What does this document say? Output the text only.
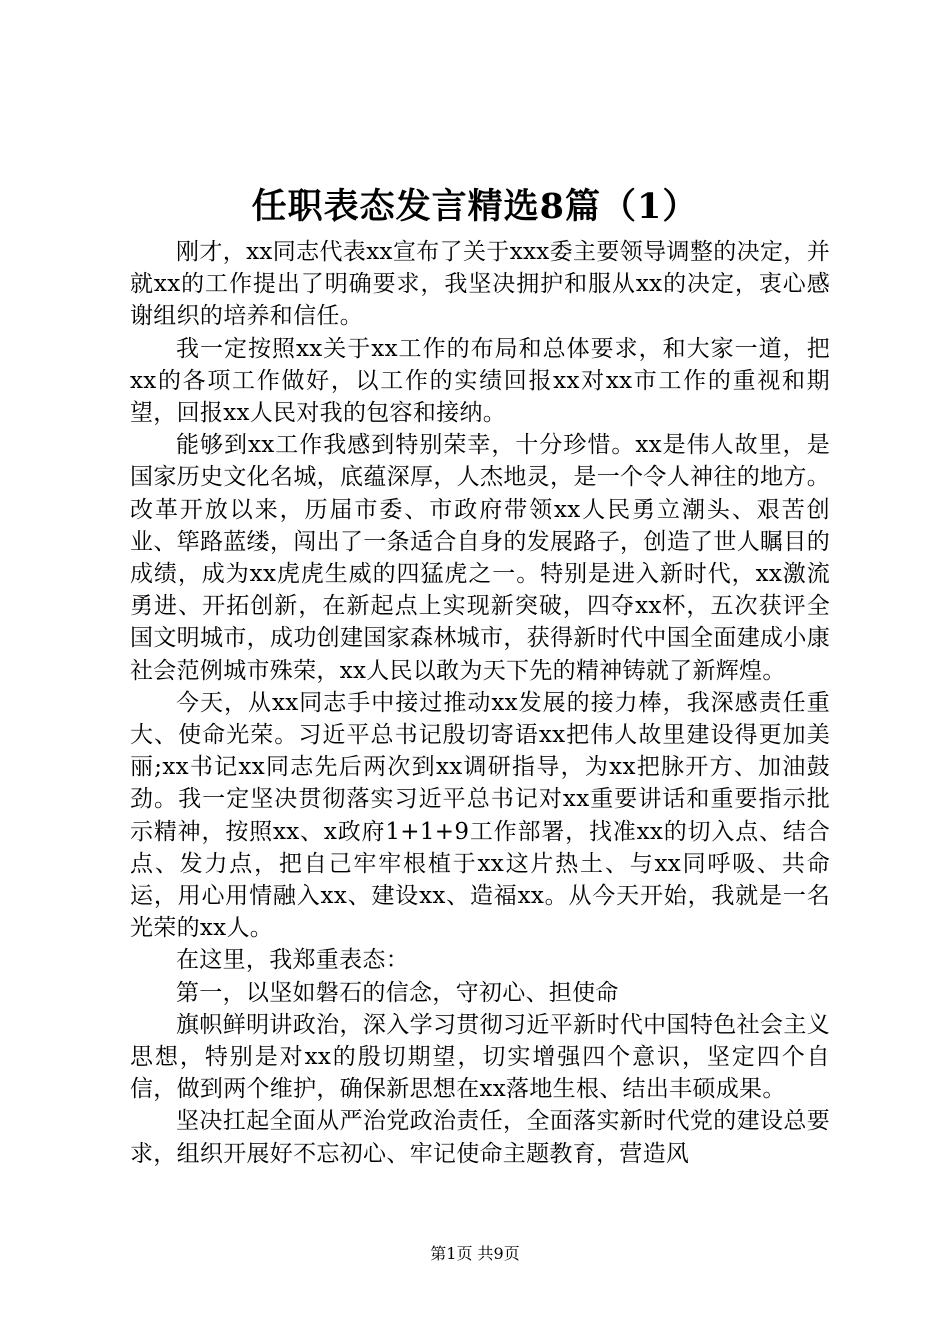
任职表态发言精选8篇（1）

刚才，xx同志代表xx宣布了关于xxx委主要领导调整的决定，并就xx的工作提出了明确要求，我坚决拥护和服从xx的决定，衷心感谢组织的培养和信任。

我一定按照xx关于xx工作的布局和总体要求，和大家一道，把xx的各项工作做好，以工作的实绩回报xx对xx市工作的重视和期望，回报xx人民对我的包容和接纳。

能够到xx工作我感到特别荣幸，十分珍惜。xx是伟人故里，是国家历史文化名城，底蕴深厚，人杰地灵，是一个令人神往的地方。改革开放以来，历届市委、市政府带领xx人民勇立潮头、艰苦创业、筚路蓝缕，闯出了一条适合自身的发展路子，创造了世人瞩目的成绩，成为xx虎虎生威的四猛虎之一。特别是进入新时代，xx激流勇进、开拓创新，在新起点上实现新突破，四夺xx杯，五次获评全国文明城市，成功创建国家森林城市，获得新时代中国全面建成小康社会范例城市殊荣，xx人民以敢为天下先的精神铸就了新辉煌。

今天，从xx同志手中接过推动xx发展的接力棒，我深感责任重大、使命光荣。习近平总书记殷切寄语xx把伟人故里建设得更加美丽;xx书记xx同志先后两次到xx调研指导，为xx把脉开方、加油鼓劲。我一定坚决贯彻落实习近平总书记对xx重要讲话和重要指示批示精神，按照xx、x政府1+1+9工作部署，找准xx的切入点、结合点、发力点，把自己牢牢根植于xx这片热土、与xx同呼吸、共命运，用心用情融入xx、建设xx、造福xx。从今天开始，我就是一名光荣的xx人。

在这里，我郑重表态：

第一，以坚如磐石的信念，守初心、担使命

旗帜鲜明讲政治，深入学习贯彻习近平新时代中国特色社会主义思想，特别是对xx的殷切期望，切实增强四个意识，坚定四个自信，做到两个维护，确保新思想在xx落地生根、结出丰硕成果。

坚决扛起全面从严治党政治责任，全面落实新时代党的建设总要求，组织开展好不忘初心、牢记使命主题教育，营造风

第1页 共9页
